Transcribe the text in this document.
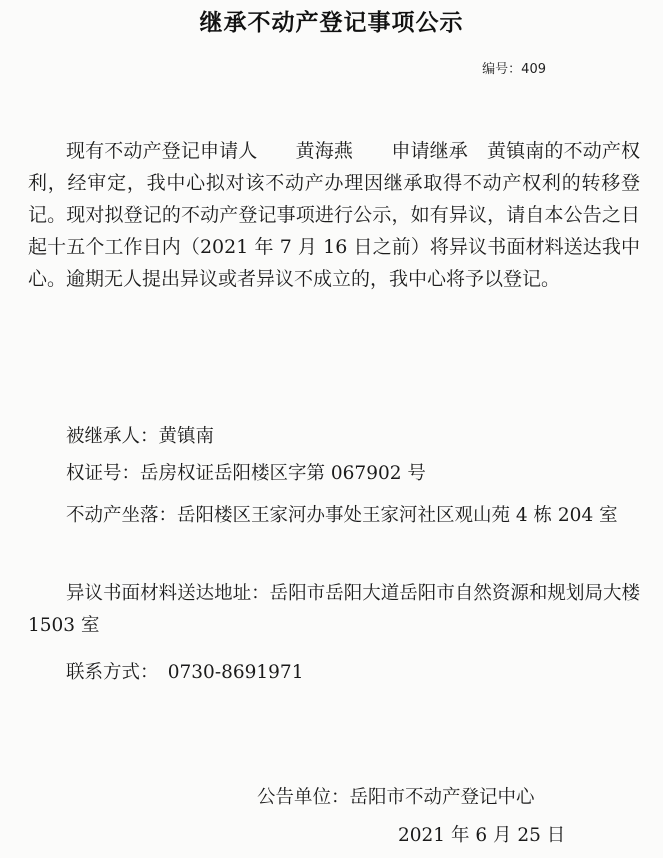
继承不动产登记事项公示
编号：409

现有不动产登记申请人　　黄海燕　　申请继承　黄镇南的不动产权利，经审定，我中心拟对该不动产办理因继承取得不动产权利的转移登记。现对拟登记的不动产登记事项进行公示，如有异议，请自本公告之日起十五个工作日内（2021 年 7 月 16 日之前）将异议书面材料送达我中心。逾期无人提出异议或者异议不成立的，我中心将予以登记。

被继承人：黄镇南

权证号：岳房权证岳阳楼区字第 067902 号

不动产坐落：岳阳楼区王家河办事处王家河社区观山苑 4 栋 204 室

异议书面材料送达地址：岳阳市岳阳大道岳阳市自然资源和规划局大楼 1503 室

联系方式：　0730-8691971

公告单位：岳阳市不动产登记中心
2021 年 6 月 25 日
